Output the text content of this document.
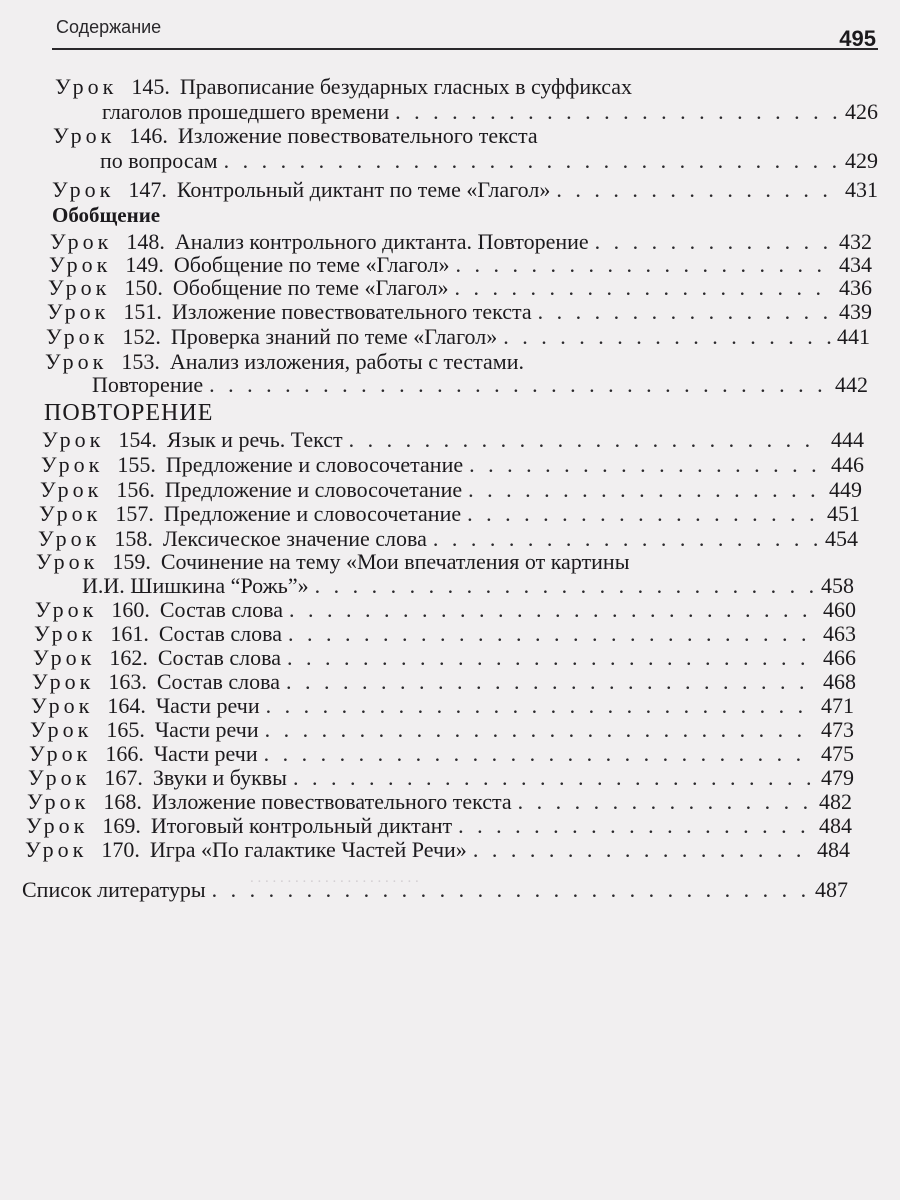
Содержание	495
. . . . . . . . . . . . . . . . . . . . . . .
Урок 145. Правописание безударных гласных в суффиксах
глаголов прошедшего времени . . .	426
Урок 146. Изложение повествовательного текста
по вопросам . . .	429
Урок 147. Контрольный диктант по теме «Глагол» . . .	431
Урок 148. Анализ контрольного диктанта. Повторение . . .	432
Урок 149. Обобщение по теме «Глагол» . . .	434
Урок 150. Обобщение по теме «Глагол» . . .	436
Урок 151. Изложение повествовательного текста . . .	439
Урок 152. Проверка знаний по теме «Глагол» . . .	441
Урок 153. Анализ изложения, работы с тестами.
Повторение . . .	442
Урок 154. Язык и речь. Текст . . .	444
Урок 155. Предложение и словосочетание . . .	446
Урок 156. Предложение и словосочетание . . .	449
Урок 157. Предложение и словосочетание . . .	451
Урок 158. Лексическое значение слова . . .	454
Урок 159. Сочинение на тему «Мои впечатления от картины
И.И. Шишкина “Рожь”» . . .	458
Урок 160. Состав слова . . .	460
Урок 161. Состав слова . . .	463
Урок 162. Состав слова . . .	466
Урок 163. Состав слова . . .	468
Урок 164. Части речи . . .	471
Урок 165. Части речи . . .	473
Урок 166. Части речи . . .	475
Урок 167. Звуки и буквы . . .	479
Урок 168. Изложение повествовательного текста . . .	482
Урок 169. Итоговый контрольный диктант . . .	484
Урок 170. Игра «По галактике Частей Речи» . . .	484
Обобщение
ПОВТОРЕНИЕ
Список литературы . . .	487
